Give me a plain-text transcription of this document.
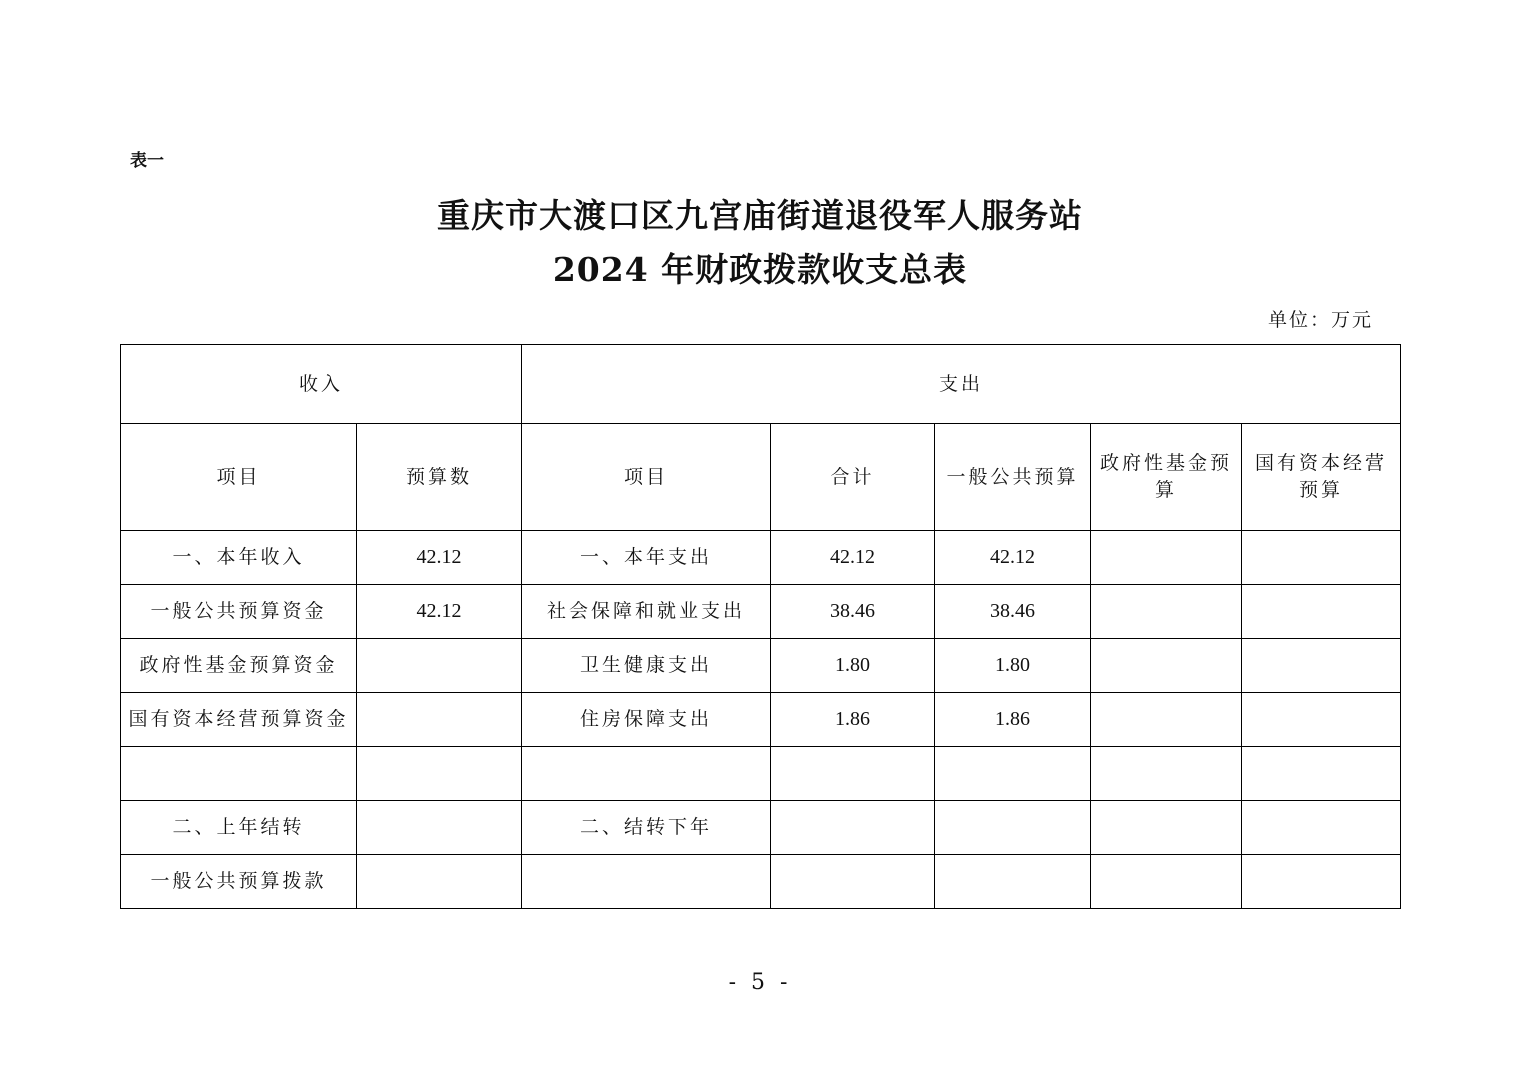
表一
重庆市大渡口区九宫庙街道退役军人服务站
2024 年财政拨款收支总表
单位：万元
收入		支出				
项目	预算数	项目	合计	一般公共预算	政府性基金预算	国有资本经营预算
一、本年收入	42.12	一、本年支出	42.12	42.12		
一般公共预算资金	42.12	社会保障和就业支出	38.46	38.46		
政府性基金预算资金		卫生健康支出	1.80	1.80		
国有资本经营预算资金		住房保障支出	1.86	1.86		

二、上年结转		二、结转下年				
一般公共预算拨款						
- 5 -
